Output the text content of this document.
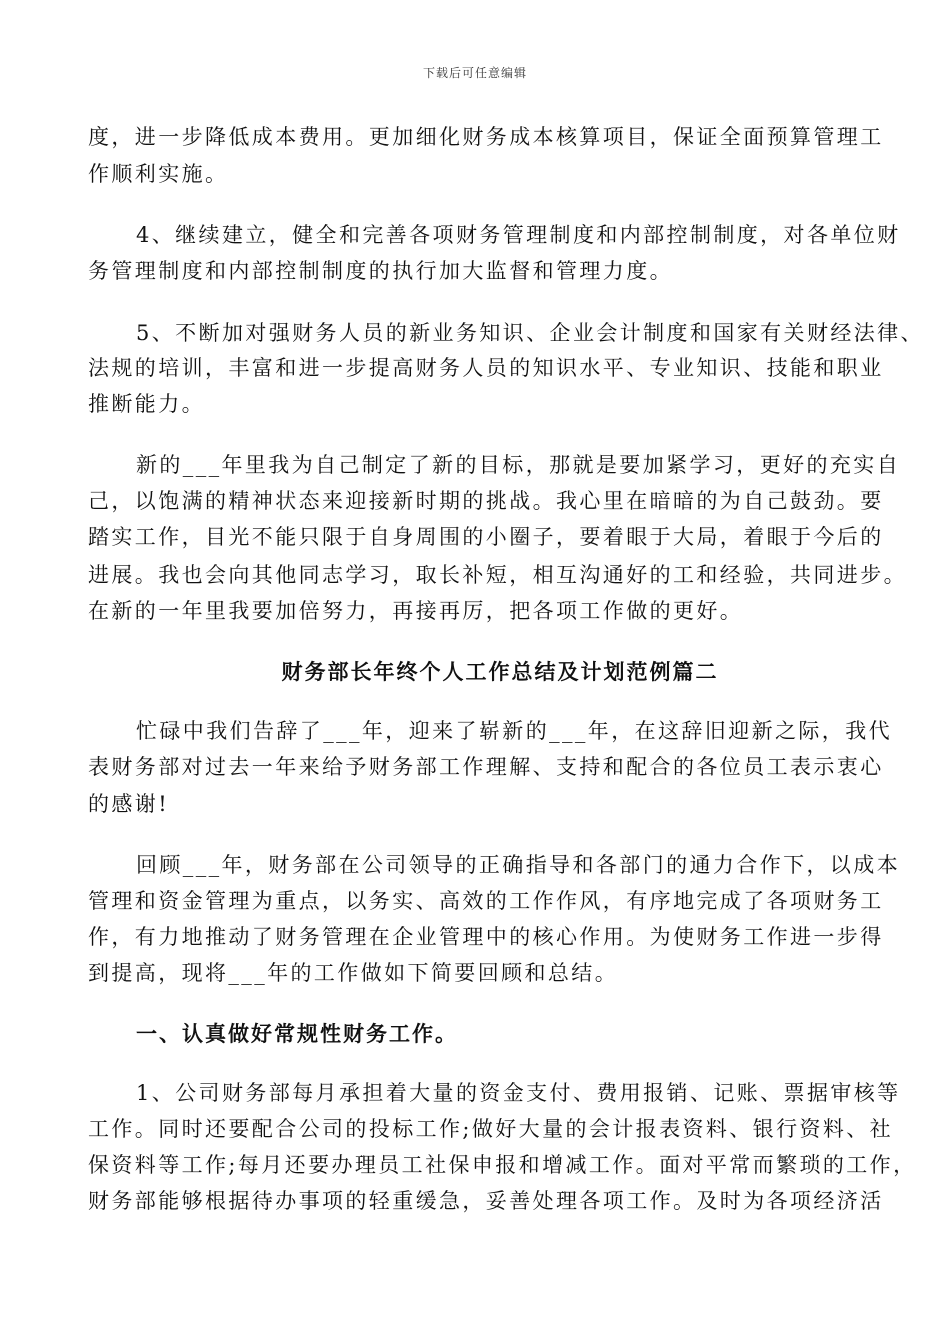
下载后可任意编辑
度，进一步降低成本费用。更加细化财务成本核算项目，保证全面预算管理工
作顺利实施。
4、继续建立，健全和完善各项财务管理制度和内部控制制度，对各单位财
务管理制度和内部控制制度的执行加大监督和管理力度。
5、不断加对强财务人员的新业务知识、企业会计制度和国家有关财经法律、
法规的培训，丰富和进一步提高财务人员的知识水平、专业知识、技能和职业
推断能力。
新的___年里我为自己制定了新的目标，那就是要加紧学习，更好的充实自
己，以饱满的精神状态来迎接新时期的挑战。我心里在暗暗的为自己鼓劲。要
踏实工作，目光不能只限于自身周围的小圈子，要着眼于大局，着眼于今后的
进展。我也会向其他同志学习，取长补短，相互沟通好的工和经验，共同进步。
在新的一年里我要加倍努力，再接再厉，把各项工作做的更好。
财务部长年终个人工作总结及计划范例篇二
忙碌中我们告辞了___年，迎来了崭新的___年，在这辞旧迎新之际，我代
表财务部对过去一年来给予财务部工作理解、支持和配合的各位员工表示衷心
的感谢!
回顾___年，财务部在公司领导的正确指导和各部门的通力合作下，以成本
管理和资金管理为重点，以务实、高效的工作作风，有序地完成了各项财务工
作，有力地推动了财务管理在企业管理中的核心作用。为使财务工作进一步得
到提高，现将___年的工作做如下简要回顾和总结。
一、认真做好常规性财务工作。
1、公司财务部每月承担着大量的资金支付、费用报销、记账、票据审核等
工作。同时还要配合公司的投标工作;做好大量的会计报表资料、银行资料、社
保资料等工作;每月还要办理员工社保申报和增减工作。面对平常而繁琐的工作，
财务部能够根据待办事项的轻重缓急，妥善处理各项工作。及时为各项经济活
